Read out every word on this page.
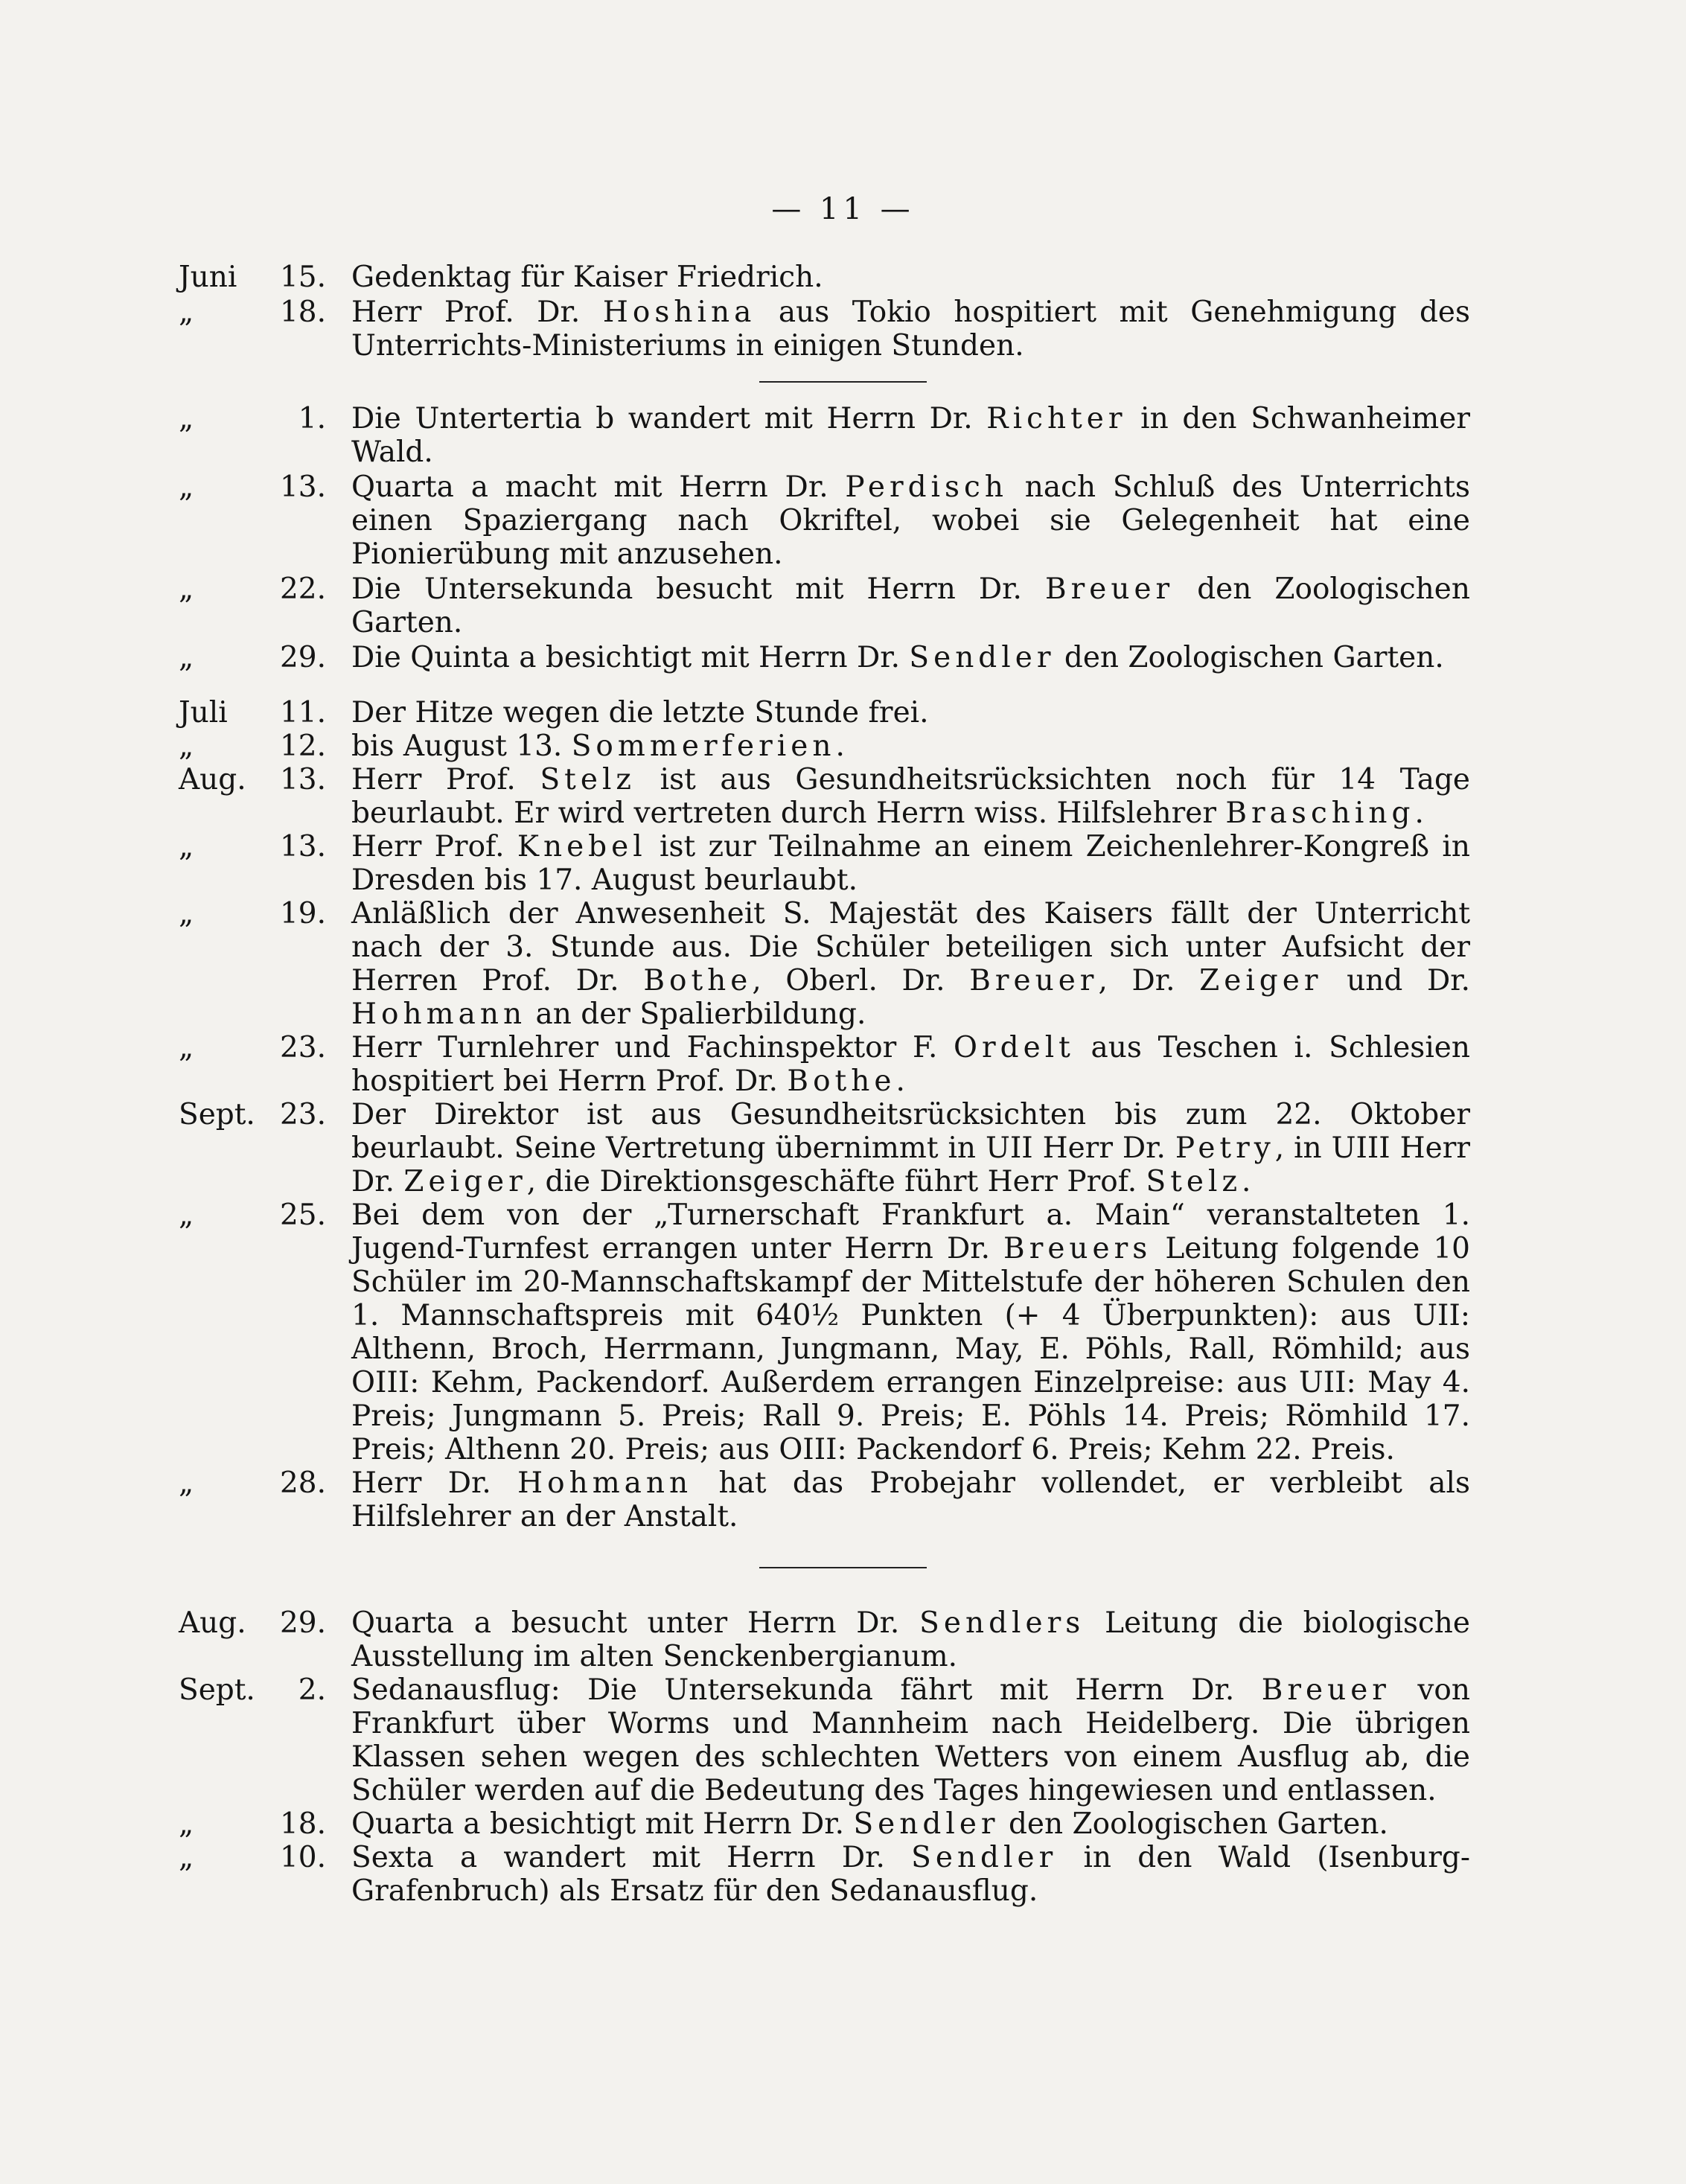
— 11 —
Juni	15. Gedenktag für Kaiser Friedrich.
„	18. Herr Prof. Dr. Hoshina aus Tokio hospitiert mit Genehmigung des Unterrichts-Ministeriums in einigen Stunden.
„	1. Die Untertertia b wandert mit Herrn Dr. Richter in den Schwanheimer Wald.
„	13. Quarta a macht mit Herrn Dr. Perdisch nach Schluß des Unterrichts einen Spaziergang nach Okriftel, wobei sie Gelegenheit hat eine Pionierübung mit anzusehen.
„	22. Die Untersekunda besucht mit Herrn Dr. Breuer den Zoologischen Garten.
„	29. Die Quinta a besichtigt mit Herrn Dr. Sendler den Zoologischen Garten.
Juli	11. Der Hitze wegen die letzte Stunde frei.
„	12. bis August 13. Sommerferien.
Aug.	13. Herr Prof. Stelz ist aus Gesundheitsrücksichten noch für 14 Tage beurlaubt. Er wird vertreten durch Herrn wiss. Hilfslehrer Brasching.
„	13. Herr Prof. Knebel ist zur Teilnahme an einem Zeichenlehrer-Kongreß in Dresden bis 17. August beurlaubt.
„	19. Anläßlich der Anwesenheit S. Majestät des Kaisers fällt der Unterricht nach der 3. Stunde aus. Die Schüler beteiligen sich unter Aufsicht der Herren Prof. Dr. Bothe, Oberl. Dr. Breuer, Dr. Zeiger und Dr. Hohmann an der Spalierbildung.
„	23. Herr Turnlehrer und Fachinspektor F. Ordelt aus Teschen i. Schlesien hospitiert bei Herrn Prof. Dr. Bothe.
Sept. 23. Der Direktor ist aus Gesundheitsrücksichten bis zum 22. Oktober beurlaubt. Seine Vertretung übernimmt in UII Herr Dr. Petry, in UIII Herr Dr. Zeiger, die Direktionsgeschäfte führt Herr Prof. Stelz.
„	25. Bei dem von der „Turnerschaft Frankfurt a. Main“ veranstalteten 1. Jugend-Turnfest errangen unter Herrn Dr. Breuers Leitung folgende 10 Schüler im 20-Mannschaftskampf der Mittelstufe der höheren Schulen den 1. Mannschaftspreis mit 640½ Punkten (+ 4 Überpunkten): aus UII: Althenn, Broch, Herrmann, Jungmann, May, E. Pöhls, Rall, Römhild; aus OIII: Kehm, Packendorf. Außerdem errangen Einzelpreise: aus UII: May 4. Preis; Jungmann 5. Preis; Rall 9. Preis; E. Pöhls 14. Preis; Römhild 17. Preis; Althenn 20. Preis; aus OIII: Packendorf 6. Preis; Kehm 22. Preis.
„	28. Herr Dr. Hohmann hat das Probejahr vollendet, er verbleibt als Hilfslehrer an der Anstalt.
Aug.	29. Quarta a besucht unter Herrn Dr. Sendlers Leitung die biologische Ausstellung im alten Senckenbergianum.
Sept.	2. Sedanausflug: Die Untersekunda fährt mit Herrn Dr. Breuer von Frankfurt über Worms und Mannheim nach Heidelberg. Die übrigen Klassen sehen wegen des schlechten Wetters von einem Ausflug ab, die Schüler werden auf die Bedeutung des Tages hingewiesen und entlassen.
„	18. Quarta a besichtigt mit Herrn Dr. Sendler den Zoologischen Garten.
„	10. Sexta a wandert mit Herrn Dr. Sendler in den Wald (Isenburg-Grafenbruch) als Ersatz für den Sedanausflug.
